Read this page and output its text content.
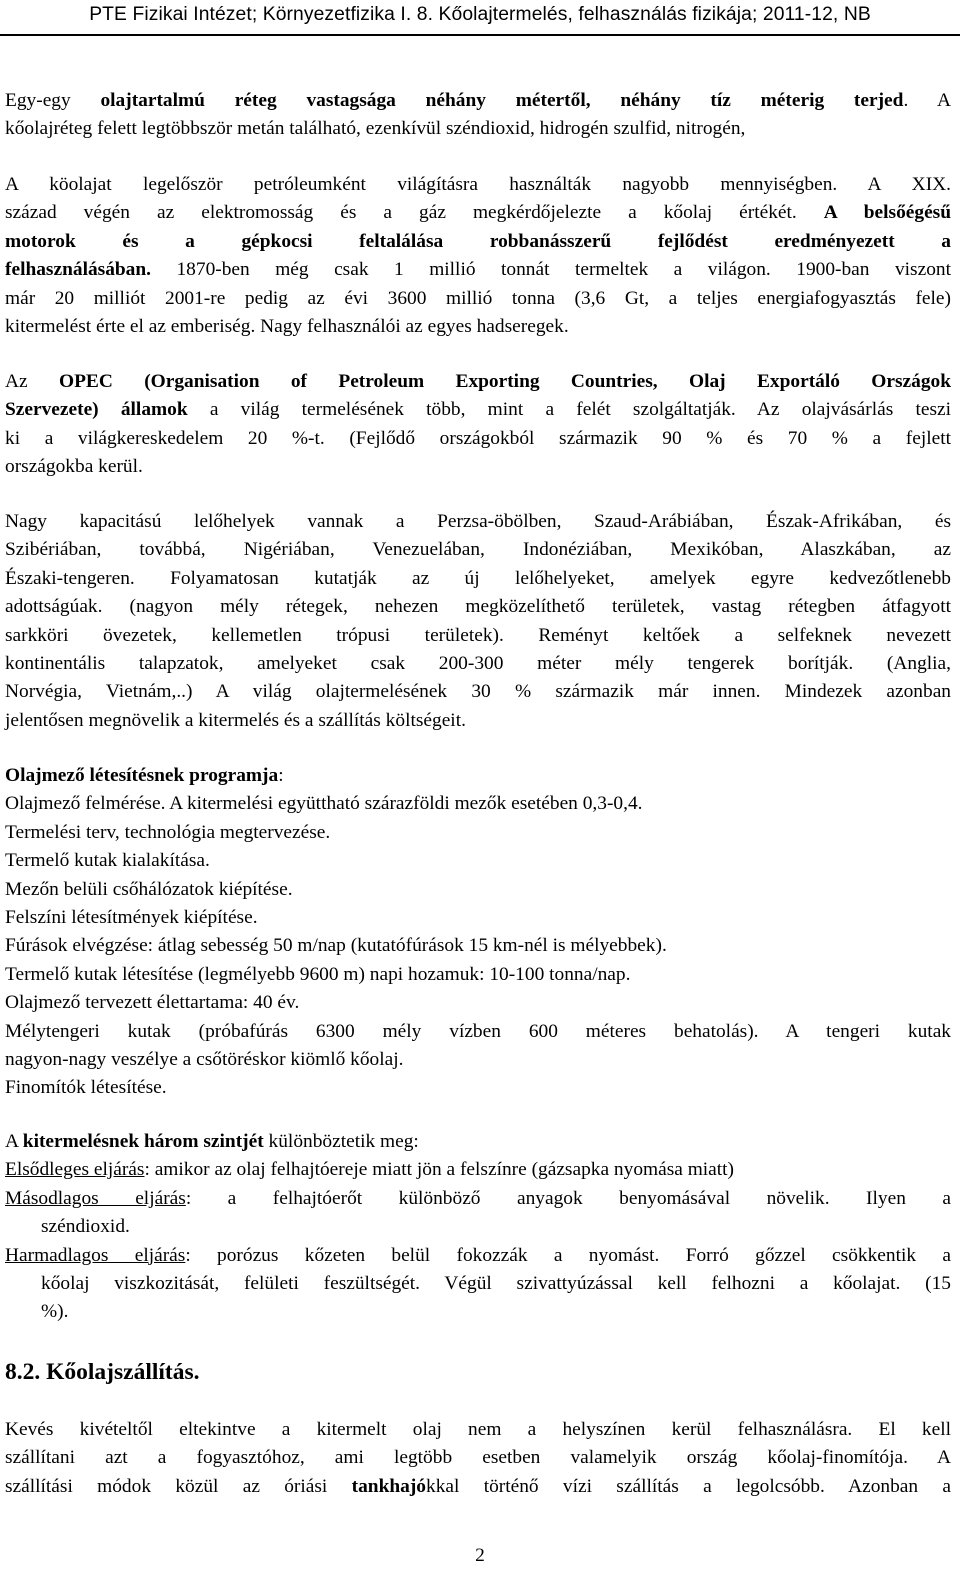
PTE Fizikai Intézet; Környezetfizika I. 8. Kőolajtermelés, felhasználás fizikája; 2011-12, NB
Egy-egy olajtartalmú réteg vastagsága néhány métertől, néhány tíz méterig terjed. A
kőolajréteg felett legtöbbször metán található, ezenkívül széndioxid, hidrogén szulfid, nitrogén,
A köolajat legelőször petróleumként világításra használták nagyobb mennyiségben. A XIX.
század végén az elektromosság és a gáz megkérdőjelezte a kőolaj értékét. A belsőégésű
motorok és a gépkocsi feltalálása robbanásszerű fejlődést eredményezett a
felhasználásában. 1870-ben még csak 1 millió tonnát termeltek a világon. 1900-ban viszont
már 20 milliót 2001-re pedig az évi 3600 millió tonna (3,6 Gt, a teljes energiafogyasztás fele)
kitermelést érte el az emberiség. Nagy felhasználói az egyes hadseregek.
Az OPEC (Organisation of Petroleum Exporting Countries, Olaj Exportáló Országok
Szervezete) államok a világ termelésének több, mint a felét szolgáltatják. Az olajvásárlás teszi
ki a világkereskedelem 20 %-t. (Fejlődő országokból származik 90 % és 70 % a fejlett
országokba kerül.
Nagy kapacitású lelőhelyek vannak a Perzsa-öbölben, Szaud-Arábiában, Észak-Afrikában, és
Szibériában, továbbá, Nigériában, Venezuelában, Indonéziában, Mexikóban, Alaszkában, az
Északi-tengeren. Folyamatosan kutatják az új lelőhelyeket, amelyek egyre kedvezőtlenebb
adottságúak. (nagyon mély rétegek, nehezen megközelíthető területek, vastag rétegben átfagyott
sarkköri övezetek, kellemetlen trópusi területek). Reményt keltőek a selfeknek nevezett
kontinentális talapzatok, amelyeket csak 200-300 méter mély tengerek borítják. (Anglia,
Norvégia, Vietnám,..) A világ olajtermelésének 30 % származik már innen. Mindezek azonban
jelentősen megnövelik a kitermelés és a szállítás költségeit.
Olajmező létesítésnek programja:
Olajmező felmérése. A kitermelési együttható szárazföldi mezők esetében 0,3-0,4.
Termelési terv, technológia megtervezése.
Termelő kutak kialakítása.
Mezőn belüli csőhálózatok kiépítése.
Felszíni létesítmények kiépítése.
Fúrások elvégzése: átlag sebesség 50 m/nap (kutatófúrások 15 km-nél is mélyebbek).
Termelő kutak létesítése (legmélyebb 9600 m) napi hozamuk: 10-100 tonna/nap.
Olajmező tervezett élettartama: 40 év.
Mélytengeri kutak (próbafúrás 6300 mély vízben 600 méteres behatolás). A tengeri kutak
nagyon-nagy veszélye a csőtöréskor kiömlő kőolaj.
Finomítók létesítése.
A kitermelésnek három szintjét különböztetik meg:
Elsődleges eljárás: amikor az olaj felhajtóereje miatt jön a felszínre (gázsapka nyomása miatt)
Másodlagos eljárás: a felhajtóerőt különböző anyagok benyomásával növelik. Ilyen a
széndioxid.
Harmadlagos eljárás: porózus kőzeten belül fokozzák a nyomást. Forró gőzzel csökkentik a
kőolaj viszkozitását, felületi feszültségét. Végül szivattyúzással kell felhozni a kőolajat. (15
%).
8.2. Kőolajszállítás.
Kevés kivételtől eltekintve a kitermelt olaj nem a helyszínen kerül felhasználásra. El kell
szállítani azt a fogyasztóhoz, ami legtöbb esetben valamelyik ország kőolaj-finomítója. A
szállítási módok közül az óriási tankhajókkal történő vízi szállítás a legolcsóbb. Azonban a
2
